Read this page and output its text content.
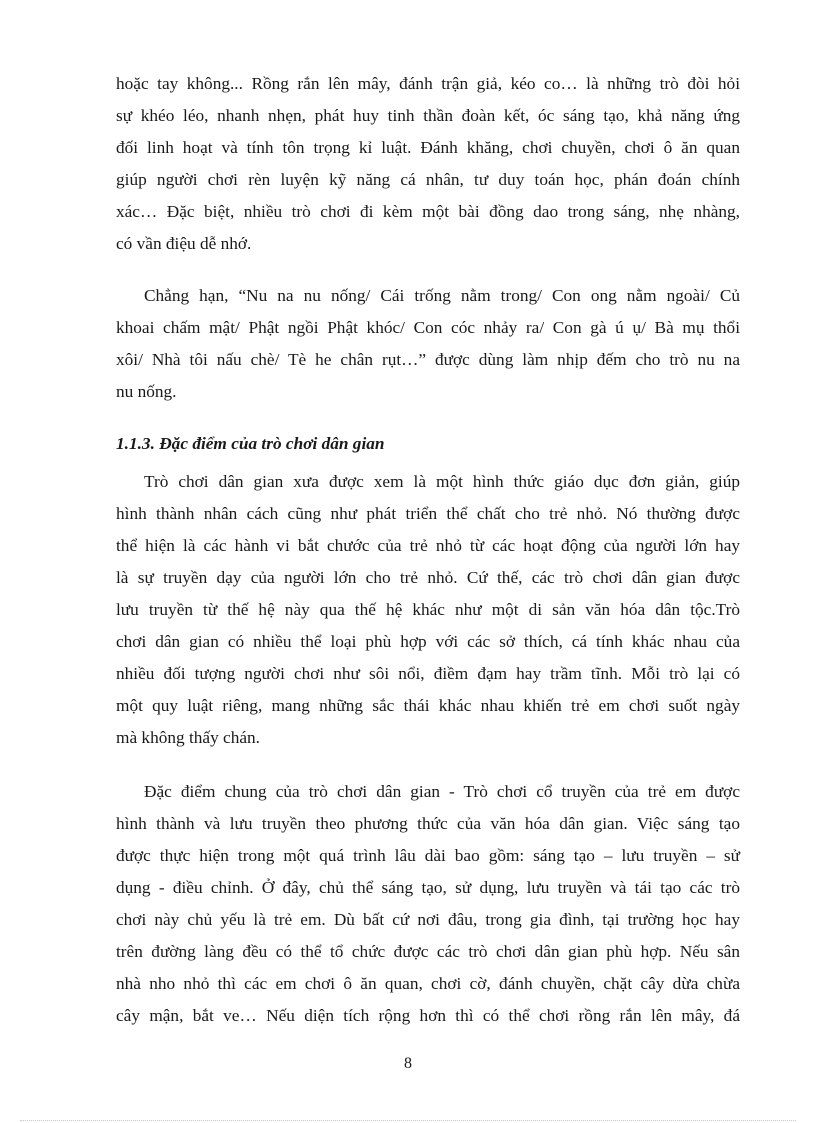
hoặc tay không... Rồng rắn lên mây, đánh trận giả, kéo co… là những trò đòi hỏi
sự khéo léo, nhanh nhẹn, phát huy tinh thần đoàn kết, óc sáng tạo, khả năng ứng
đối linh hoạt và tính tôn trọng kỉ luật. Đánh khăng, chơi chuyền, chơi ô ăn quan
giúp người chơi rèn luyện kỹ năng cá nhân, tư duy toán học, phán đoán chính
xác… Đặc biệt, nhiều trò chơi đi kèm một bài đồng dao trong sáng, nhẹ nhàng,
có vần điệu dễ nhớ.
Chẳng hạn, “Nu na nu nống/ Cái trống nằm trong/ Con ong nằm ngoài/ Củ
khoai chấm mật/ Phật ngồi Phật khóc/ Con cóc nhảy ra/ Con gà ú ụ/ Bà mụ thổi
xôi/ Nhà tôi nấu chè/ Tè he chân rụt…” được dùng làm nhịp đếm cho trò nu na
nu nống.
1.1.3. Đặc điểm của trò chơi dân gian
Trò chơi dân gian xưa được xem là một hình thức giáo dục đơn giản, giúp
hình thành nhân cách cũng như phát triển thể chất cho trẻ nhỏ. Nó thường được
thể hiện là các hành vi bắt chước của trẻ nhỏ từ các hoạt động của người lớn hay
là sự truyền dạy của người lớn cho trẻ nhỏ. Cứ thế, các trò chơi dân gian được
lưu truyền từ thế hệ này qua thế hệ khác như một di sản văn hóa dân tộc.Trò
chơi dân gian có nhiều thể loại phù hợp với các sở thích, cá tính khác nhau của
nhiều đối tượng người chơi như sôi nổi, điềm đạm hay trầm tĩnh. Mỗi trò lại có
một quy luật riêng, mang những sắc thái khác nhau khiến trẻ em chơi suốt ngày
mà không thấy chán.
Đặc điểm chung của trò chơi dân gian - Trò chơi cổ truyền của trẻ em được
hình thành và lưu truyền theo phương thức của văn hóa dân gian. Việc sáng tạo
được thực hiện trong một quá trình lâu dài bao gồm: sáng tạo – lưu truyền – sử
dụng - điều chỉnh. Ở đây, chủ thể sáng tạo, sử dụng, lưu truyền và tái tạo các trò
chơi này chủ yếu là trẻ em. Dù bất cứ nơi đâu, trong gia đình, tại trường học hay
trên đường làng đều có thể tổ chức được các trò chơi dân gian phù hợp. Nếu sân
nhà nho nhỏ thì các em chơi ô ăn quan, chơi cờ, đánh chuyền, chặt cây dừa chừa
cây mận, bắt ve… Nếu diện tích rộng hơn thì có thể chơi rồng rắn lên mây, đá
8
